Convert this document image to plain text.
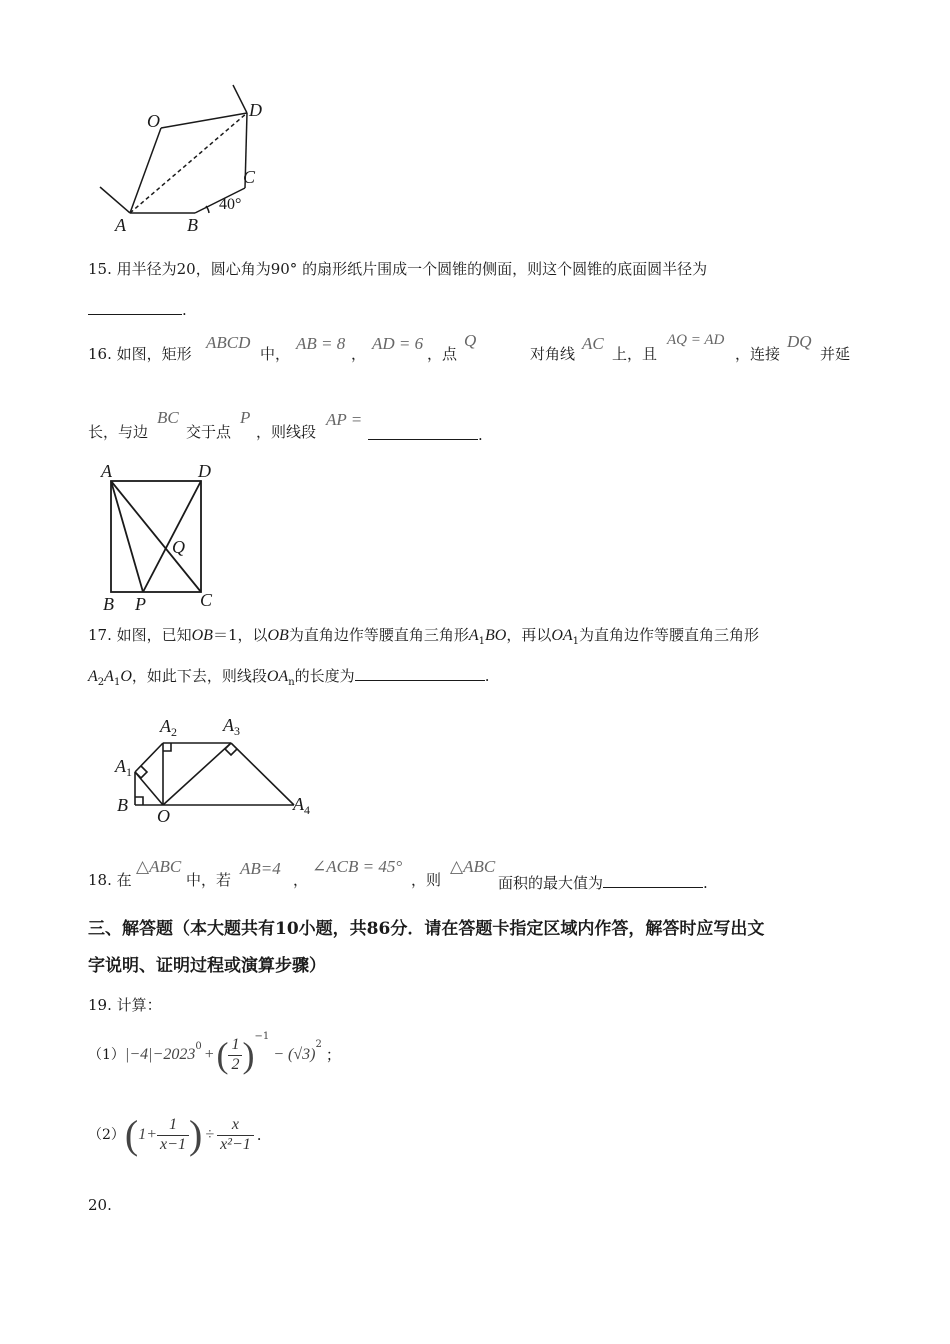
O
D
C
A	B
40°
15. 用半径为20，圆心角为90° 的扇形纸片围成一个圆锥的侧面，则这个圆锥的底面圆半径为
.
16. 如图，矩形
ABCD
中，
AB = 8
，
AD = 6
，点
Q
对角线
AC
上，且
AQ = AD
，连接
DQ
并延
长，与边
BC
交于点
P
，则线段
AP =
.
A	D
Q
B P	C
17. 如图，已知OB＝1，以OB为直角边作等腰直角三角形$A_1BO$，再以$OA_1$为直角边作等腰直角三角形
$A_2A_1O$，如此下去，则线段$OA_n$的长度为	.
$A_2$	$A_3$
$A_1$
B
O
$A_4$
18. 在
△ABC
中，若
AB=4
，
∠ACB = 45°
，则
△ABC
面积的最大值为	.
三、解答题（本大题共有10小题，共86分．请在答题卡指定区域内作答，解答时应写出文
字说明、证明过程或演算步骤）
19. 计算：
（1） $|-4|-2023^0$ + ( $\frac{1}{2} )^{-1}$
− (√3)
$^2$
；
（2） ( $1+ \frac{1}{x-1}$ ) ÷ $\frac{x}{\text{x²−1}}$ .
20.
